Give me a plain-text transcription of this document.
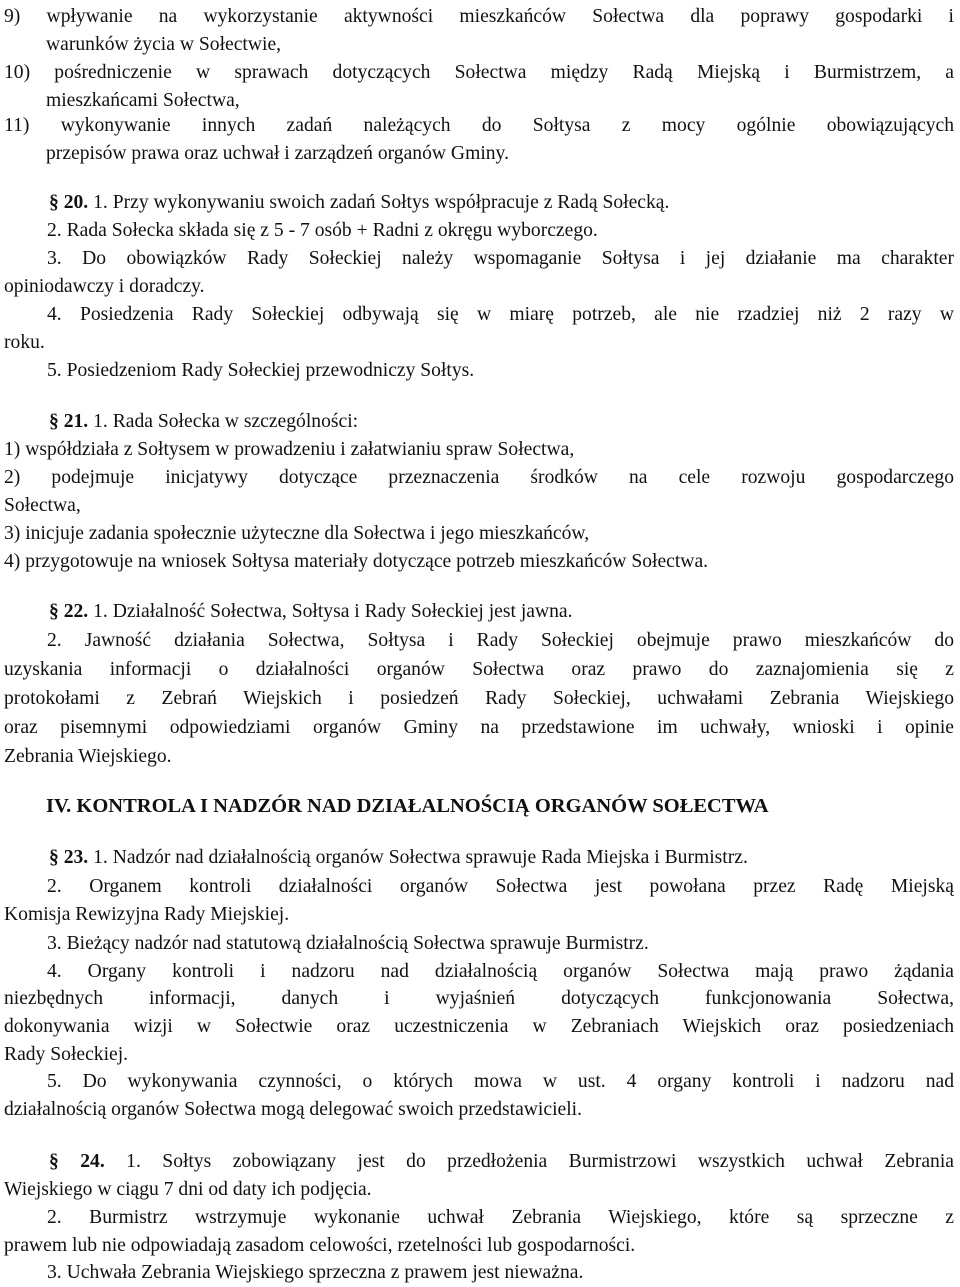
9) wpływanie na wykorzystanie aktywności mieszkańców Sołectwa dla poprawy gospodarki i
warunków życia w Sołectwie,
10) pośredniczenie w sprawach dotyczących Sołectwa między Radą Miejską i Burmistrzem, a
mieszkańcami Sołectwa,
11) wykonywanie innych zadań należących do Sołtysa z mocy ogólnie obowiązujących
przepisów prawa oraz uchwał i zarządzeń organów Gminy.
§ 20. 1. Przy wykonywaniu swoich zadań Sołtys współpracuje z Radą Sołecką.
2. Rada Sołecka składa się z 5 - 7 osób + Radni z okręgu wyborczego.
3. Do obowiązków Rady Sołeckiej należy wspomaganie Sołtysa i jej działanie ma charakter
opiniodawczy i doradczy.
4. Posiedzenia Rady Sołeckiej odbywają się w miarę potrzeb, ale nie rzadziej niż 2 razy w
roku.
5. Posiedzeniom Rady Sołeckiej przewodniczy Sołtys.
§ 21. 1. Rada Sołecka w szczególności:
1) współdziała z Sołtysem w prowadzeniu i załatwianiu spraw Sołectwa,
2) podejmuje inicjatywy dotyczące przeznaczenia środków na cele rozwoju gospodarczego
Sołectwa,
3) inicjuje zadania społecznie użyteczne dla Sołectwa i jego mieszkańców,
4) przygotowuje na wniosek Sołtysa materiały dotyczące potrzeb mieszkańców Sołectwa.
§ 22. 1. Działalność Sołectwa, Sołtysa i Rady Sołeckiej jest jawna.
2. Jawność działania Sołectwa, Sołtysa i Rady Sołeckiej obejmuje prawo mieszkańców do
uzyskania informacji o działalności organów Sołectwa oraz prawo do zaznajomienia się z
protokołami z Zebrań Wiejskich i posiedzeń Rady Sołeckiej, uchwałami Zebrania Wiejskiego
oraz pisemnymi odpowiedziami organów Gminy na przedstawione im uchwały, wnioski i opinie
Zebrania Wiejskiego.
IV. KONTROLA I NADZÓR NAD DZIAŁALNOŚCIĄ ORGANÓW SOŁECTWA
§ 23. 1. Nadzór nad działalnością organów Sołectwa sprawuje Rada Miejska i Burmistrz.
2. Organem kontroli działalności organów Sołectwa jest powołana przez Radę Miejską
Komisja Rewizyjna Rady Miejskiej.
3. Bieżący nadzór nad statutową działalnością Sołectwa sprawuje Burmistrz.
4. Organy kontroli i nadzoru nad działalnością organów Sołectwa mają prawo żądania
niezbędnych informacji, danych i wyjaśnień dotyczących funkcjonowania Sołectwa,
dokonywania wizji w Sołectwie oraz uczestniczenia w Zebraniach Wiejskich oraz posiedzeniach
Rady Sołeckiej.
5. Do wykonywania czynności, o których mowa w ust. 4 organy kontroli i nadzoru nad
działalnością organów Sołectwa mogą delegować swoich przedstawicieli.
§ 24. 1. Sołtys zobowiązany jest do przedłożenia Burmistrzowi wszystkich uchwał Zebrania
Wiejskiego w ciągu 7 dni od daty ich podjęcia.
2. Burmistrz wstrzymuje wykonanie uchwał Zebrania Wiejskiego, które są sprzeczne z
prawem lub nie odpowiadają zasadom celowości, rzetelności lub gospodarności.
3. Uchwała Zebrania Wiejskiego sprzeczna z prawem jest nieważna.
